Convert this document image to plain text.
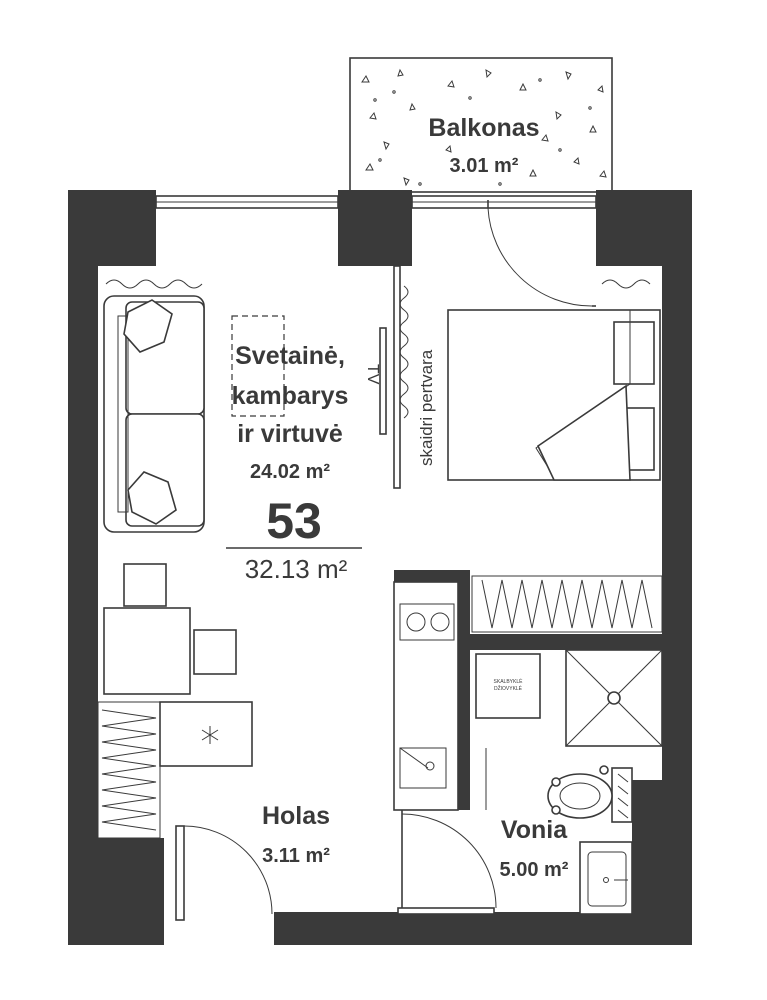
TV skaidri pertvara
SKALBYKLĖ
DŽIOVYKLĖ
Balkonas
3.01 m²
Svetainė,
kambarys
ir virtuvė
24.02 m²
53
32.13 m²
Holas
3.11 m²
Vonia
5.00 m²
